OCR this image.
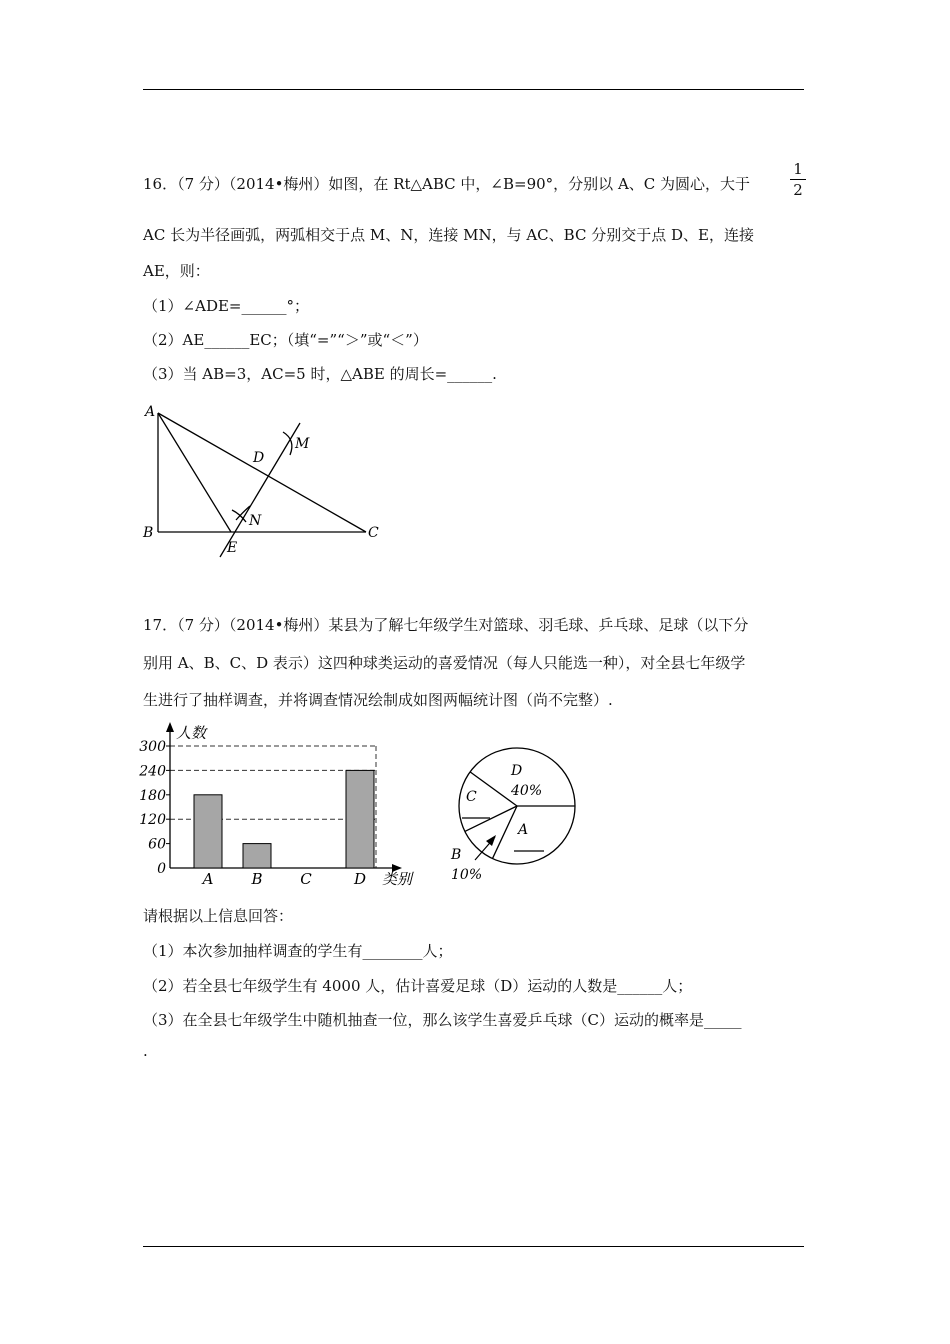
16．（7 分）（2014•梅州）如图，在 Rt△ABC 中，∠B=90°，分别以 A、C 为圆心，大于
1
2
AC 长为半径画弧，两弧相交于点 M、N，连接 MN，与 AC、BC 分别交于点 D、E，连接
AE，则：
（1）∠ADE=______°；
（2）AE______EC；（填“=”“＞”或“＜”）
（3）当 AB=3，AC=5 时，△ABE 的周长=______.
A
B	C
D
E
M
N
17．（7 分）（2014•梅州）某县为了解七年级学生对篮球、羽毛球、乒乓球、足球（以下分
别用 A、B、C、D 表示）这四种球类运动的喜爱情况（每人只能选一种），对全县七年级学
生进行了抽样调查，并将调查情况绘制成如图两幅统计图（尚不完整）.
0
60
120
180
240
300
A	B	C	D
人数
类别
D
40%
C
A
B
10%
请根据以上信息回答：
（1）本次参加抽样调查的学生有________人；
（2）若全县七年级学生有 4000 人，估计喜爱足球（D）运动的人数是______人；
（3）在全县七年级学生中随机抽查一位，那么该学生喜爱乒乓球（C）运动的概率是_____
.
